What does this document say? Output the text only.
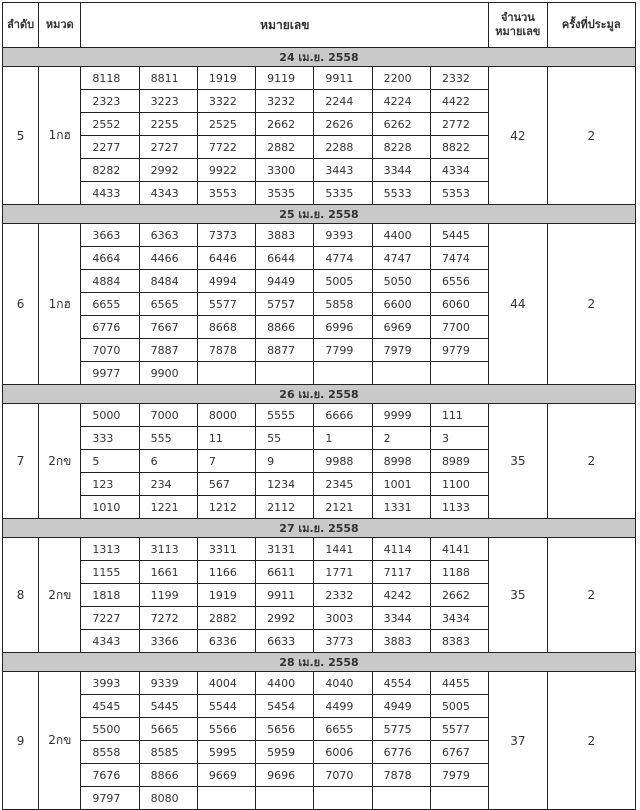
ลำดับ	หมวด	หมายเลข							จำนวน
หมายเลข	ครั้งที่ประมูล
24 เม.ย. 2558										
5	1กฮ	8118	8811	1919	9119	9911	2200	2332	42	2
		2323	3223	3322	3232	2244	4224	4422		
		2552	2255	2525	2662	2626	6262	2772		
		2277	2727	7722	2882	2288	8228	8822		
		8282	2992	9922	3300	3443	3344	4334		
		4433	4343	3553	3535	5335	5533	5353		
25 เม.ย. 2558										
6	1กฮ	3663	6363	7373	3883	9393	4400	5445	44	2
		4664	4466	6446	6644	4774	4747	7474		
		4884	8484	4994	9449	5005	5050	6556		
		6655	6565	5577	5757	5858	6600	6060		
		6776	7667	8668	8866	6996	6969	7700		
		7070	7887	7878	8877	7799	7979	9779		
		9977	9900							
26 เม.ย. 2558										
7	2กข	5000	7000	8000	5555	6666	9999	111	35	2
		333	555	11	55	1	2	3		
		5	6	7	9	9988	8998	8989		
		123	234	567	1234	2345	1001	1100		
		1010	1221	1212	2112	2121	1331	1133		
27 เม.ย. 2558										
8	2กข	1313	3113	3311	3131	1441	4114	4141	35	2
		1155	1661	1166	6611	1771	7117	1188		
		1818	1199	1919	9911	2332	4242	2662		
		7227	7272	2882	2992	3003	3344	3434		
		4343	3366	6336	6633	3773	3883	8383		
28 เม.ย. 2558										
9	2กข	3993	9339	4004	4400	4040	4554	4455	37	2
		4545	5445	5544	5454	4499	4949	5005		
		5500	5665	5566	5656	6655	5775	5577		
		8558	8585	5995	5959	6006	6776	6767		
		7676	8866	9669	9696	7070	7878	7979		
		9797	8080							
